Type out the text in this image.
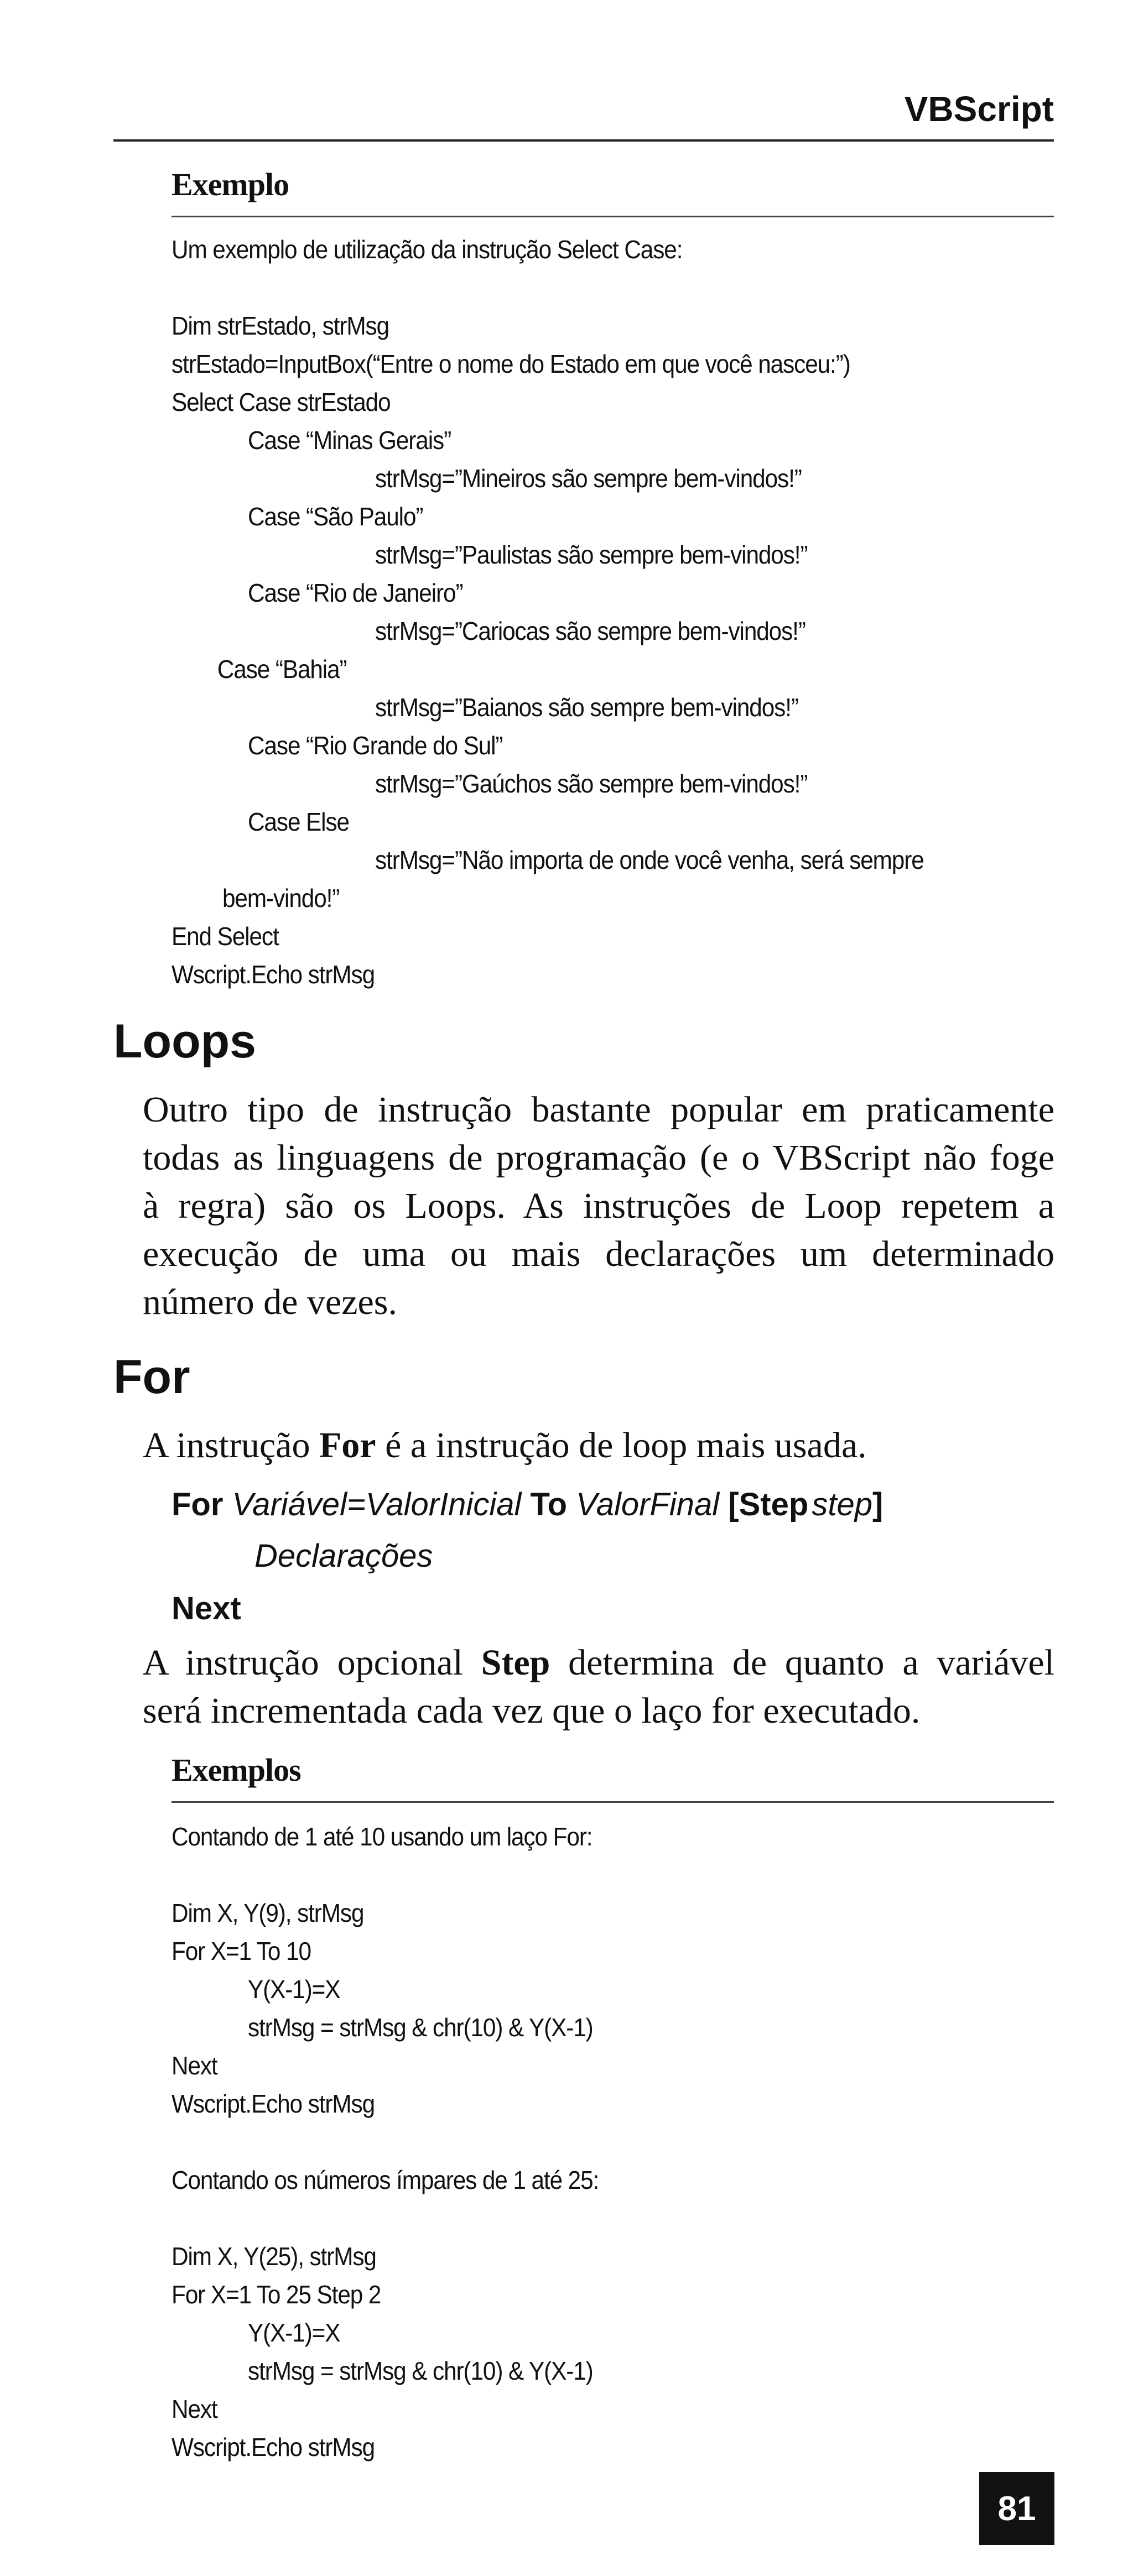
VBScript
Exemplo
Um exemplo de utilização da instrução Select Case:
Dim strEstado, strMsg
strEstado=InputBox(“Entre o nome do Estado em que você nasceu:”)
Select Case strEstado
Case “Minas Gerais”
strMsg=”Mineiros são sempre bem-vindos!”
Case “São Paulo”
strMsg=”Paulistas são sempre bem-vindos!”
Case “Rio de Janeiro”
strMsg=”Cariocas são sempre bem-vindos!”
Case “Bahia”
strMsg=”Baianos são sempre bem-vindos!”
Case “Rio Grande do Sul”
strMsg=”Gaúchos são sempre bem-vindos!”
Case Else
strMsg=”Não importa de onde você venha, será sempre
bem-vindo!”
End Select
Wscript.Echo strMsg
Loops
Outro tipo de instrução bastante popular em praticamente
todas as linguagens de programação (e o VBScript não foge
à regra) são os Loops. As instruções de Loop repetem a
execução de uma ou mais declarações um determinado
número de vezes.
For
A instrução For é a instrução de loop mais usada.
For Variável=ValorInicial To ValorFinal [Step step]
Declarações
Next
A instrução opcional Step determina de quanto a variável
será incrementada cada vez que o laço for executado.
Exemplos
Contando de 1 até 10 usando um laço For:
Dim X, Y(9), strMsg
For X=1 To 10
Y(X-1)=X
strMsg = strMsg & chr(10) & Y(X-1)
Next
Wscript.Echo strMsg
Contando os números ímpares de 1 até 25:
Dim X, Y(25), strMsg
For X=1 To 25 Step 2
Y(X-1)=X
strMsg = strMsg & chr(10) & Y(X-1)
Next
Wscript.Echo strMsg
81
